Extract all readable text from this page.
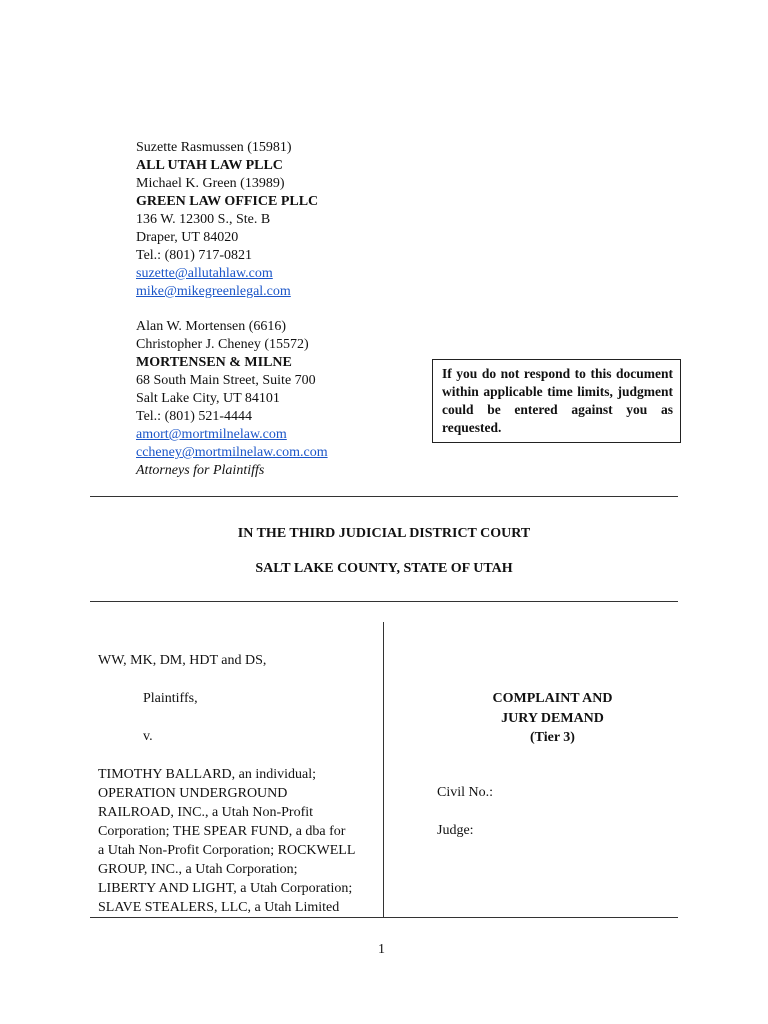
Suzette Rasmussen (15981)
ALL UTAH LAW PLLC
Michael K. Green (13989)
GREEN LAW OFFICE PLLC
136 W. 12300 S., Ste. B
Draper, UT 84020
Tel.: (801) 717-0821
suzette@allutahlaw.com
mike@mikegreenlegal.com
Alan W. Mortensen (6616)
Christopher J. Cheney (15572)
MORTENSEN & MILNE
68 South Main Street, Suite 700
Salt Lake City, UT 84101
Tel.: (801) 521-4444
amort@mortmilnelaw.com
ccheney@mortmilnelaw.com.com
Attorneys for Plaintiffs
If you do not respond to this document within applicable time limits, judgment could be entered against you as requested.
IN THE THIRD JUDICIAL DISTRICT COURT
SALT LAKE COUNTY, STATE OF UTAH
WW, MK, DM, HDT and DS,
Plaintiffs,
v.
TIMOTHY BALLARD, an individual;
OPERATION UNDERGROUND
RAILROAD, INC., a Utah Non-Profit
Corporation; THE SPEAR FUND, a dba for
a Utah Non-Profit Corporation; ROCKWELL
GROUP, INC., a Utah Corporation;
LIBERTY AND LIGHT, a Utah Corporation;
SLAVE STEALERS, LLC, a Utah Limited
COMPLAINT AND
JURY DEMAND
(Tier 3)
Civil No.:
Judge:
1
